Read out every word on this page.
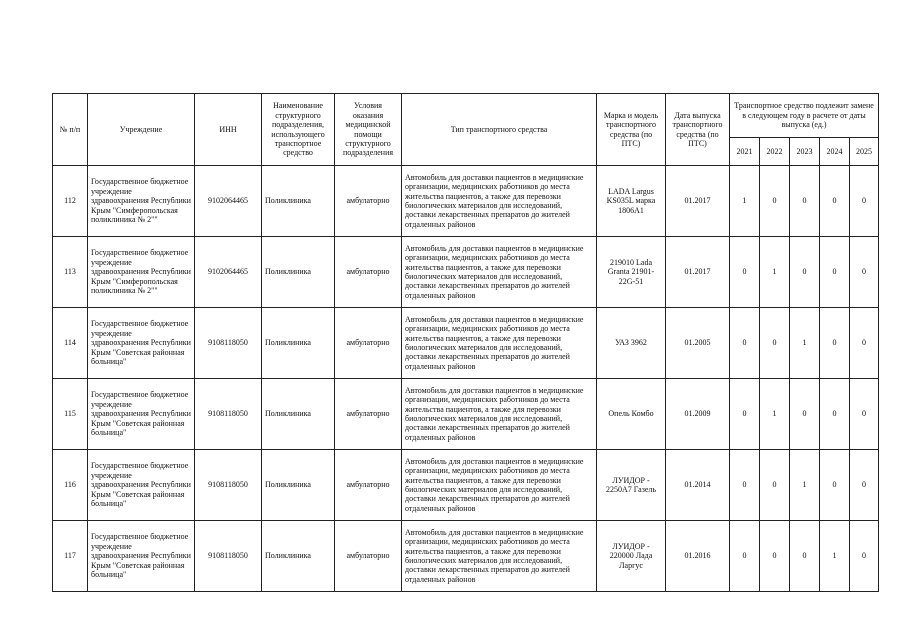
№ п/п	Учреждение	ИНН	Наименование структурного подразделения, использующего транспортное средство	Условия оказания медицинской помощи структурного подразделения	Тип транспортного средства	Марка и модель транспортного средства (по ПТС)	Дата выпуска транспортного средства (по ПТС)	Транспортное средство подлежит замене в следующем году в расчете от даты выпуска (ед.)				
								2021	2022	2023	2024	2025
112	Государственное бюджетное учреждение здравоохранения Республики Крым "Симферопольская поликлиника № 2""	9102064465	Поликлиника	амбулаторно	Автомобиль для доставки пациентов в медицинские организации, медицинских работников до места жительства пациентов, а также для перевозки биологических материалов для исследований, доставки лекарственных препаратов до жителей отдаленных районов	LADA Largus KS035L марка 1806A1	01.2017	1	0	0	0	0
113	Государственное бюджетное учреждение здравоохранения Республики Крым "Симферопольская поликлиника № 2""	9102064465	Поликлиника	амбулаторно	Автомобиль для доставки пациентов в медицинские организации, медицинских работников до места жительства пациентов, а также для перевозки биологических материалов для исследований, доставки лекарственных препаратов до жителей отдаленных районов	219010 Lada Granta 21901-22G-51	01.2017	0	1	0	0	0
114	Государственное бюджетное учреждение здравоохранения Республики Крым "Советская районная больница"	9108118050	Поликлиника	амбулаторно	Автомобиль для доставки пациентов в медицинские организации, медицинских работников до места жительства пациентов, а также для перевозки биологических материалов для исследований, доставки лекарственных препаратов до жителей отдаленных районов	УАЗ 3962	01.2005	0	0	1	0	0
115	Государственное бюджетное учреждение здравоохранения Республики Крым "Советская районная больница"	9108118050	Поликлиника	амбулаторно	Автомобиль для доставки пациентов в медицинские организации, медицинских работников до места жительства пациентов, а также для перевозки биологических материалов для исследований, доставки лекарственных препаратов до жителей отдаленных районов	Опель Комбо	01.2009	0	1	0	0	0
116	Государственное бюджетное учреждение здравоохранения Республики Крым "Советская районная больница"	9108118050	Поликлиника	амбулаторно	Автомобиль для доставки пациентов в медицинские организации, медицинских работников до места жительства пациентов, а также для перевозки биологических материалов для исследований, доставки лекарственных препаратов до жителей отдаленных районов	ЛУИДОР - 2250A7 Газель	01.2014	0	0	1	0	0
117	Государственное бюджетное учреждение здравоохранения Республики Крым "Советская районная больница"	9108118050	Поликлиника	амбулаторно	Автомобиль для доставки пациентов в медицинские организации, медицинских работников до места жительства пациентов, а также для перевозки биологических материалов для исследований, доставки лекарственных препаратов до жителей отдаленных районов	ЛУИДОР - 220000 Лада Ларгус	01.2016	0	0	0	1	0
